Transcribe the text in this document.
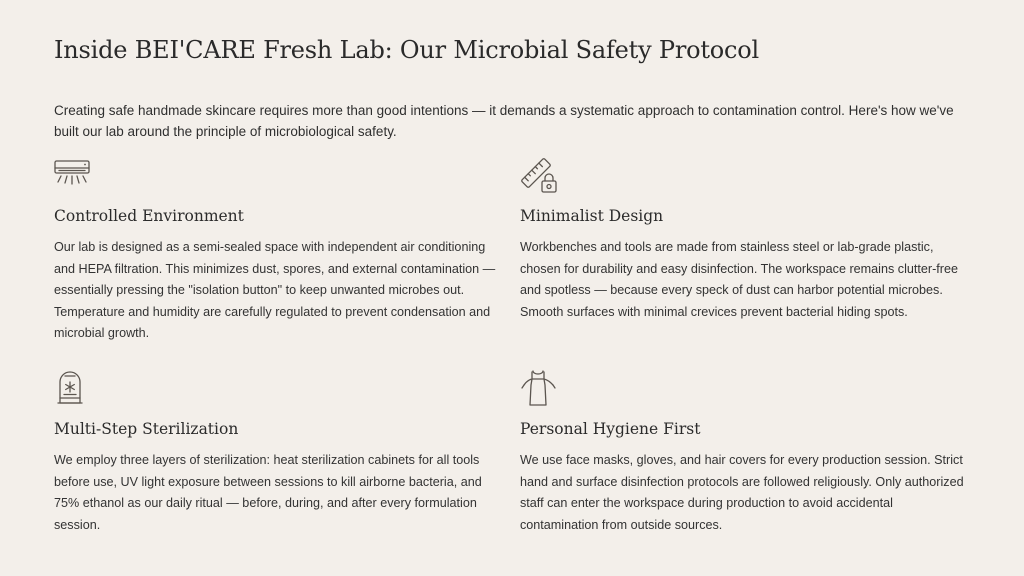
Inside BEI'CARE Fresh Lab: Our Microbial Safety Protocol

Creating safe handmade skincare requires more than good intentions — it demands a systematic approach to contamination control. Here's how we've built our lab around the principle of microbiological safety.

Controlled Environment

Our lab is designed as a semi-sealed space with independent air conditioning and HEPA filtration. This minimizes dust, spores, and external contamination — essentially pressing the "isolation button" to keep unwanted microbes out. Temperature and humidity are carefully regulated to prevent condensation and microbial growth.

Minimalist Design

Workbenches and tools are made from stainless steel or lab-grade plastic, chosen for durability and easy disinfection. The workspace remains clutter-free and spotless — because every speck of dust can harbor potential microbes. Smooth surfaces with minimal crevices prevent bacterial hiding spots.

Multi-Step Sterilization

We employ three layers of sterilization: heat sterilization cabinets for all tools before use, UV light exposure between sessions to kill airborne bacteria, and 75% ethanol as our daily ritual — before, during, and after every formulation session.

Personal Hygiene First

We use face masks, gloves, and hair covers for every production session. Strict hand and surface disinfection protocols are followed religiously. Only authorized staff can enter the workspace during production to avoid accidental contamination from outside sources.
